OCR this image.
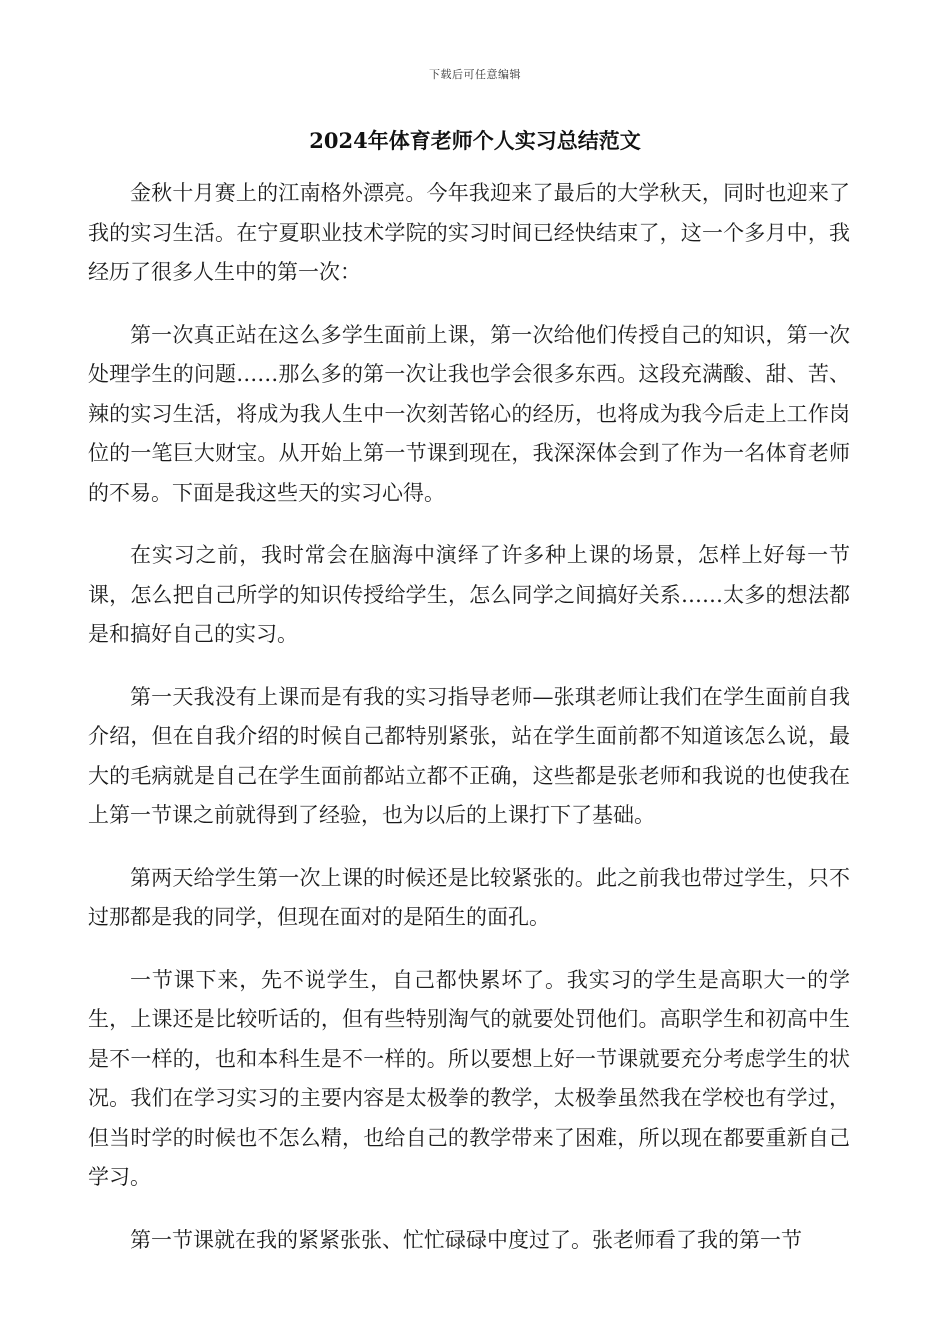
下载后可任意编辑
2024年体育老师个人实习总结范文

金秋十月赛上的江南格外漂亮。今年我迎来了最后的大学秋天，同时也迎来了我的实习生活。在宁夏职业技术学院的实习时间已经快结束了，这一个多月中，我经历了很多人生中的第一次：

第一次真正站在这么多学生面前上课，第一次给他们传授自己的知识，第一次处理学生的问题……那么多的第一次让我也学会很多东西。这段充满酸、甜、苦、辣的实习生活，将成为我人生中一次刻苦铭心的经历，也将成为我今后走上工作岗位的一笔巨大财宝。从开始上第一节课到现在，我深深体会到了作为一名体育老师的不易。下面是我这些天的实习心得。

在实习之前，我时常会在脑海中演绎了许多种上课的场景，怎样上好每一节课，怎么把自己所学的知识传授给学生，怎么同学之间搞好关系……太多的想法都是和搞好自己的实习。

第一天我没有上课而是有我的实习指导老师—张琪老师让我们在学生面前自我介绍，但在自我介绍的时候自己都特别紧张，站在学生面前都不知道该怎么说，最大的毛病就是自己在学生面前都站立都不正确，这些都是张老师和我说的也使我在上第一节课之前就得到了经验，也为以后的上课打下了基础。

第两天给学生第一次上课的时候还是比较紧张的。此之前我也带过学生，只不过那都是我的同学，但现在面对的是陌生的面孔。

一节课下来，先不说学生，自己都快累坏了。我实习的学生是高职大一的学生，上课还是比较听话的，但有些特别淘气的就要处罚他们。高职学生和初高中生是不一样的，也和本科生是不一样的。所以要想上好一节课就要充分考虑学生的状况。我们在学习实习的主要内容是太极拳的教学，太极拳虽然我在学校也有学过，但当时学的时候也不怎么精，也给自己的教学带来了困难，所以现在都要重新自己学习。

第一节课就在我的紧紧张张、忙忙碌碌中度过了。张老师看了我的第一节
